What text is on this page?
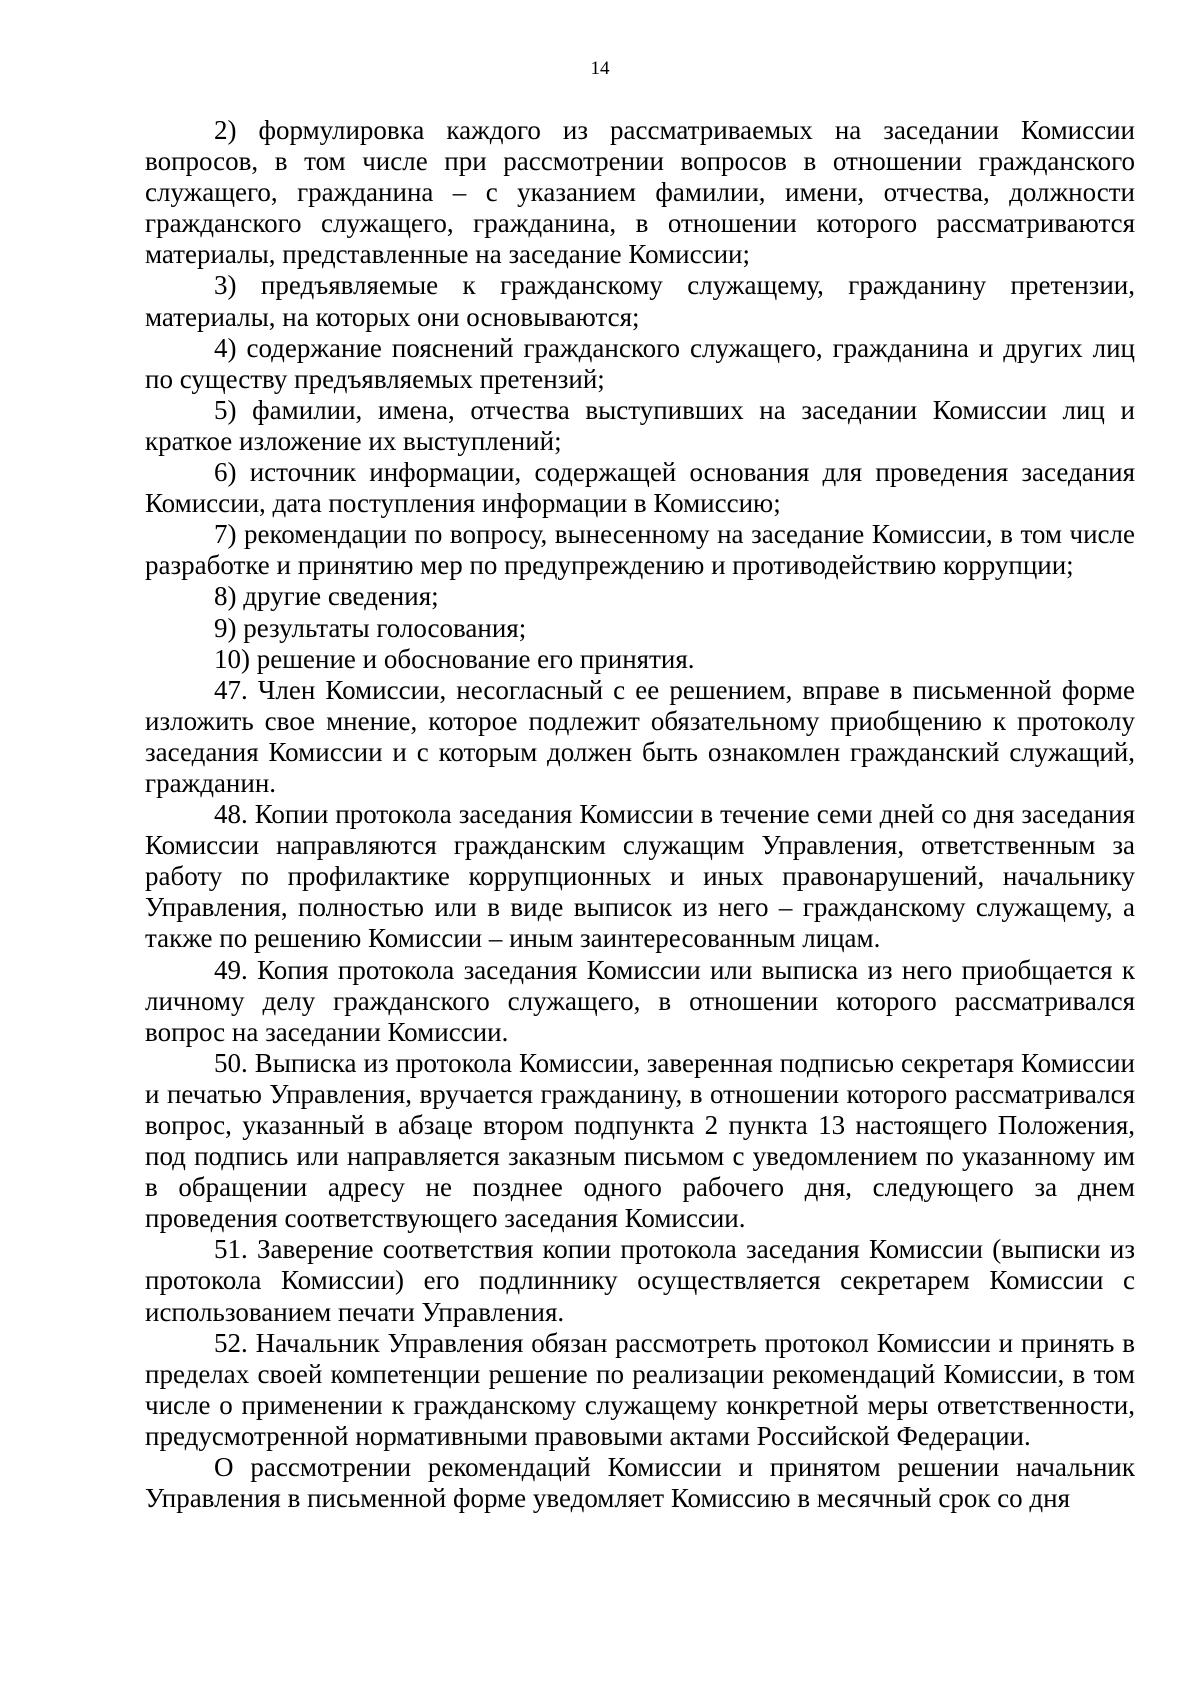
14

2) формулировка каждого из рассматриваемых на заседании Комиссии вопросов, в том числе при рассмотрении вопросов в отношении гражданского служащего, гражданина – с указанием фамилии, имени, отчества, должности гражданского служащего, гражданина, в отношении которого рассматриваются материалы, представленные на заседание Комиссии;

3) предъявляемые к гражданскому служащему, гражданину претензии, материалы, на которых они основываются;

4) содержание пояснений гражданского служащего, гражданина и других лиц по существу предъявляемых претензий;

5) фамилии, имена, отчества выступивших на заседании Комиссии лиц и краткое изложение их выступлений;

6) источник информации, содержащей основания для проведения заседания Комиссии, дата поступления информации в Комиссию;

7) рекомендации по вопросу, вынесенному на заседание Комиссии, в том числе разработке и принятию мер по предупреждению и противодействию коррупции;

8) другие сведения;

9) результаты голосования;

10) решение и обоснование его принятия.

47. Член Комиссии, несогласный с ее решением, вправе в письменной форме изложить свое мнение, которое подлежит обязательному приобщению к протоколу заседания Комиссии и с которым должен быть ознакомлен гражданский служащий, гражданин.

48. Копии протокола заседания Комиссии в течение семи дней со дня заседания Комиссии направляются гражданским служащим Управления, ответственным за работу по профилактике коррупционных и иных правонарушений, начальнику Управления, полностью или в виде выписок из него – гражданскому служащему, а также по решению Комиссии – иным заинтересованным лицам.

49. Копия протокола заседания Комиссии или выписка из него приобщается к личному делу гражданского служащего, в отношении которого рассматривался вопрос на заседании Комиссии.

50. Выписка из протокола Комиссии, заверенная подписью секретаря Комиссии и печатью Управления, вручается гражданину, в отношении которого рассматривался вопрос, указанный в абзаце втором подпункта 2 пункта 13 настоящего Положения, под подпись или направляется заказным письмом с уведомлением по указанному им в обращении адресу не позднее одного рабочего дня, следующего за днем проведения соответствующего заседания Комиссии.

51. Заверение соответствия копии протокола заседания Комиссии (выписки из протокола Комиссии) его подлиннику осуществляется секретарем Комиссии с использованием печати Управления.

52. Начальник Управления обязан рассмотреть протокол Комиссии и принять в пределах своей компетенции решение по реализации рекомендаций Комиссии, в том числе о применении к гражданскому служащему конкретной меры ответственности, предусмотренной нормативными правовыми актами Российской Федерации.

О рассмотрении рекомендаций Комиссии и принятом решении начальник Управления в письменной форме уведомляет Комиссию в месячный срок со дня
